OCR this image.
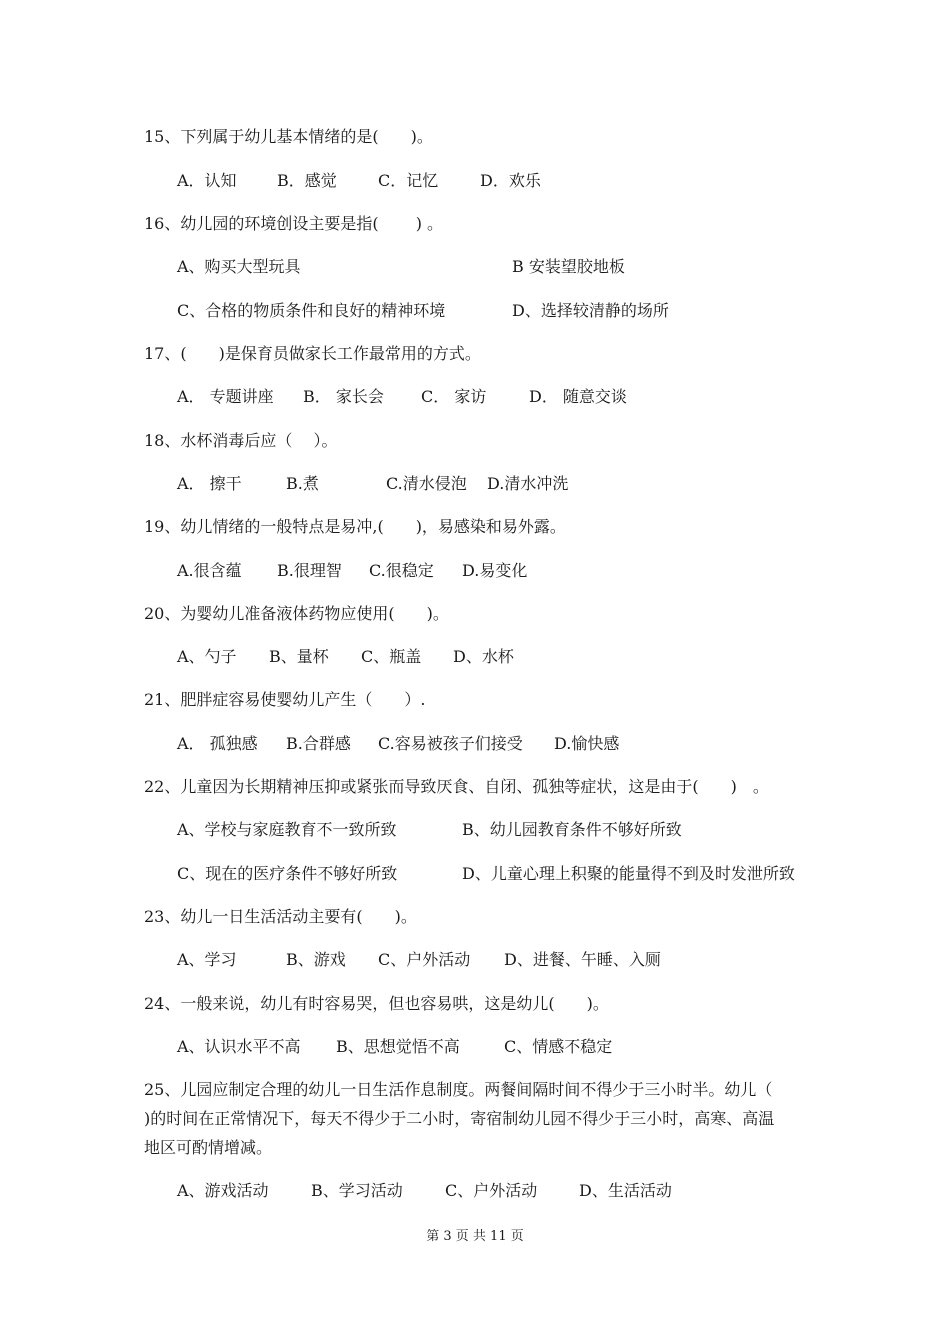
15、下列属于幼儿基本情绪的是(　　)。
A．认知	B．感觉	C．记忆	D．欢乐
16、幼儿园的环境创设主要是指(　　 ) 。
A、购买大型玩具	B 安装望胶地板
C、合格的物质条件和良好的精神环境	D、选择较清静的场所
17、(　　)是保育员做家长工作最常用的方式。
A． 专题讲座 B． 家长会 C． 家访	D． 随意交谈
18、水杯消毒后应（　 ）。
A． 擦干	B.煮	C.清水侵泡 D.清水冲洗
19、幼儿情绪的一般特点是易冲,(　　)，易感染和易外露。
A.很含蕴 B.很理智 C.很稳定 D.易变化
20、为婴幼儿准备液体药物应使用(　　)。
A、勺子 B、量杯 C、瓶盖 D、水杯
21、肥胖症容易使婴幼儿产生（　　）.
A． 孤独感 B.合群感 C.容易被孩子们接受 D.愉快感
22、儿童因为长期精神压抑或紧张而导致厌食、自闭、孤独等症状，这是由于(　　)　。
A、学校与家庭教育不一致所致	B、幼儿园教育条件不够好所致
C、现在的医疗条件不够好所致	D、儿童心理上积聚的能量得不到及时发泄所致
23、幼儿一日生活活动主要有(　　)。
A、学习	B、游戏 C、户外活动 D、进餐、午睡、入厕
24、一般来说，幼儿有时容易哭，但也容易哄，这是幼儿(　　)。
A、认识水平不高 B、思想觉悟不高	C、情感不稳定
25、儿园应制定合理的幼儿一日生活作息制度。两餐间隔时间不得少于三小时半。幼儿（
)的时间在正常情况下，每天不得少于二小时，寄宿制幼儿园不得少于三小时，高寒、高温
地区可酌情增减。
A、游戏活动	B、学习活动	C、户外活动	D、生活活动
第 3 页 共 11 页
